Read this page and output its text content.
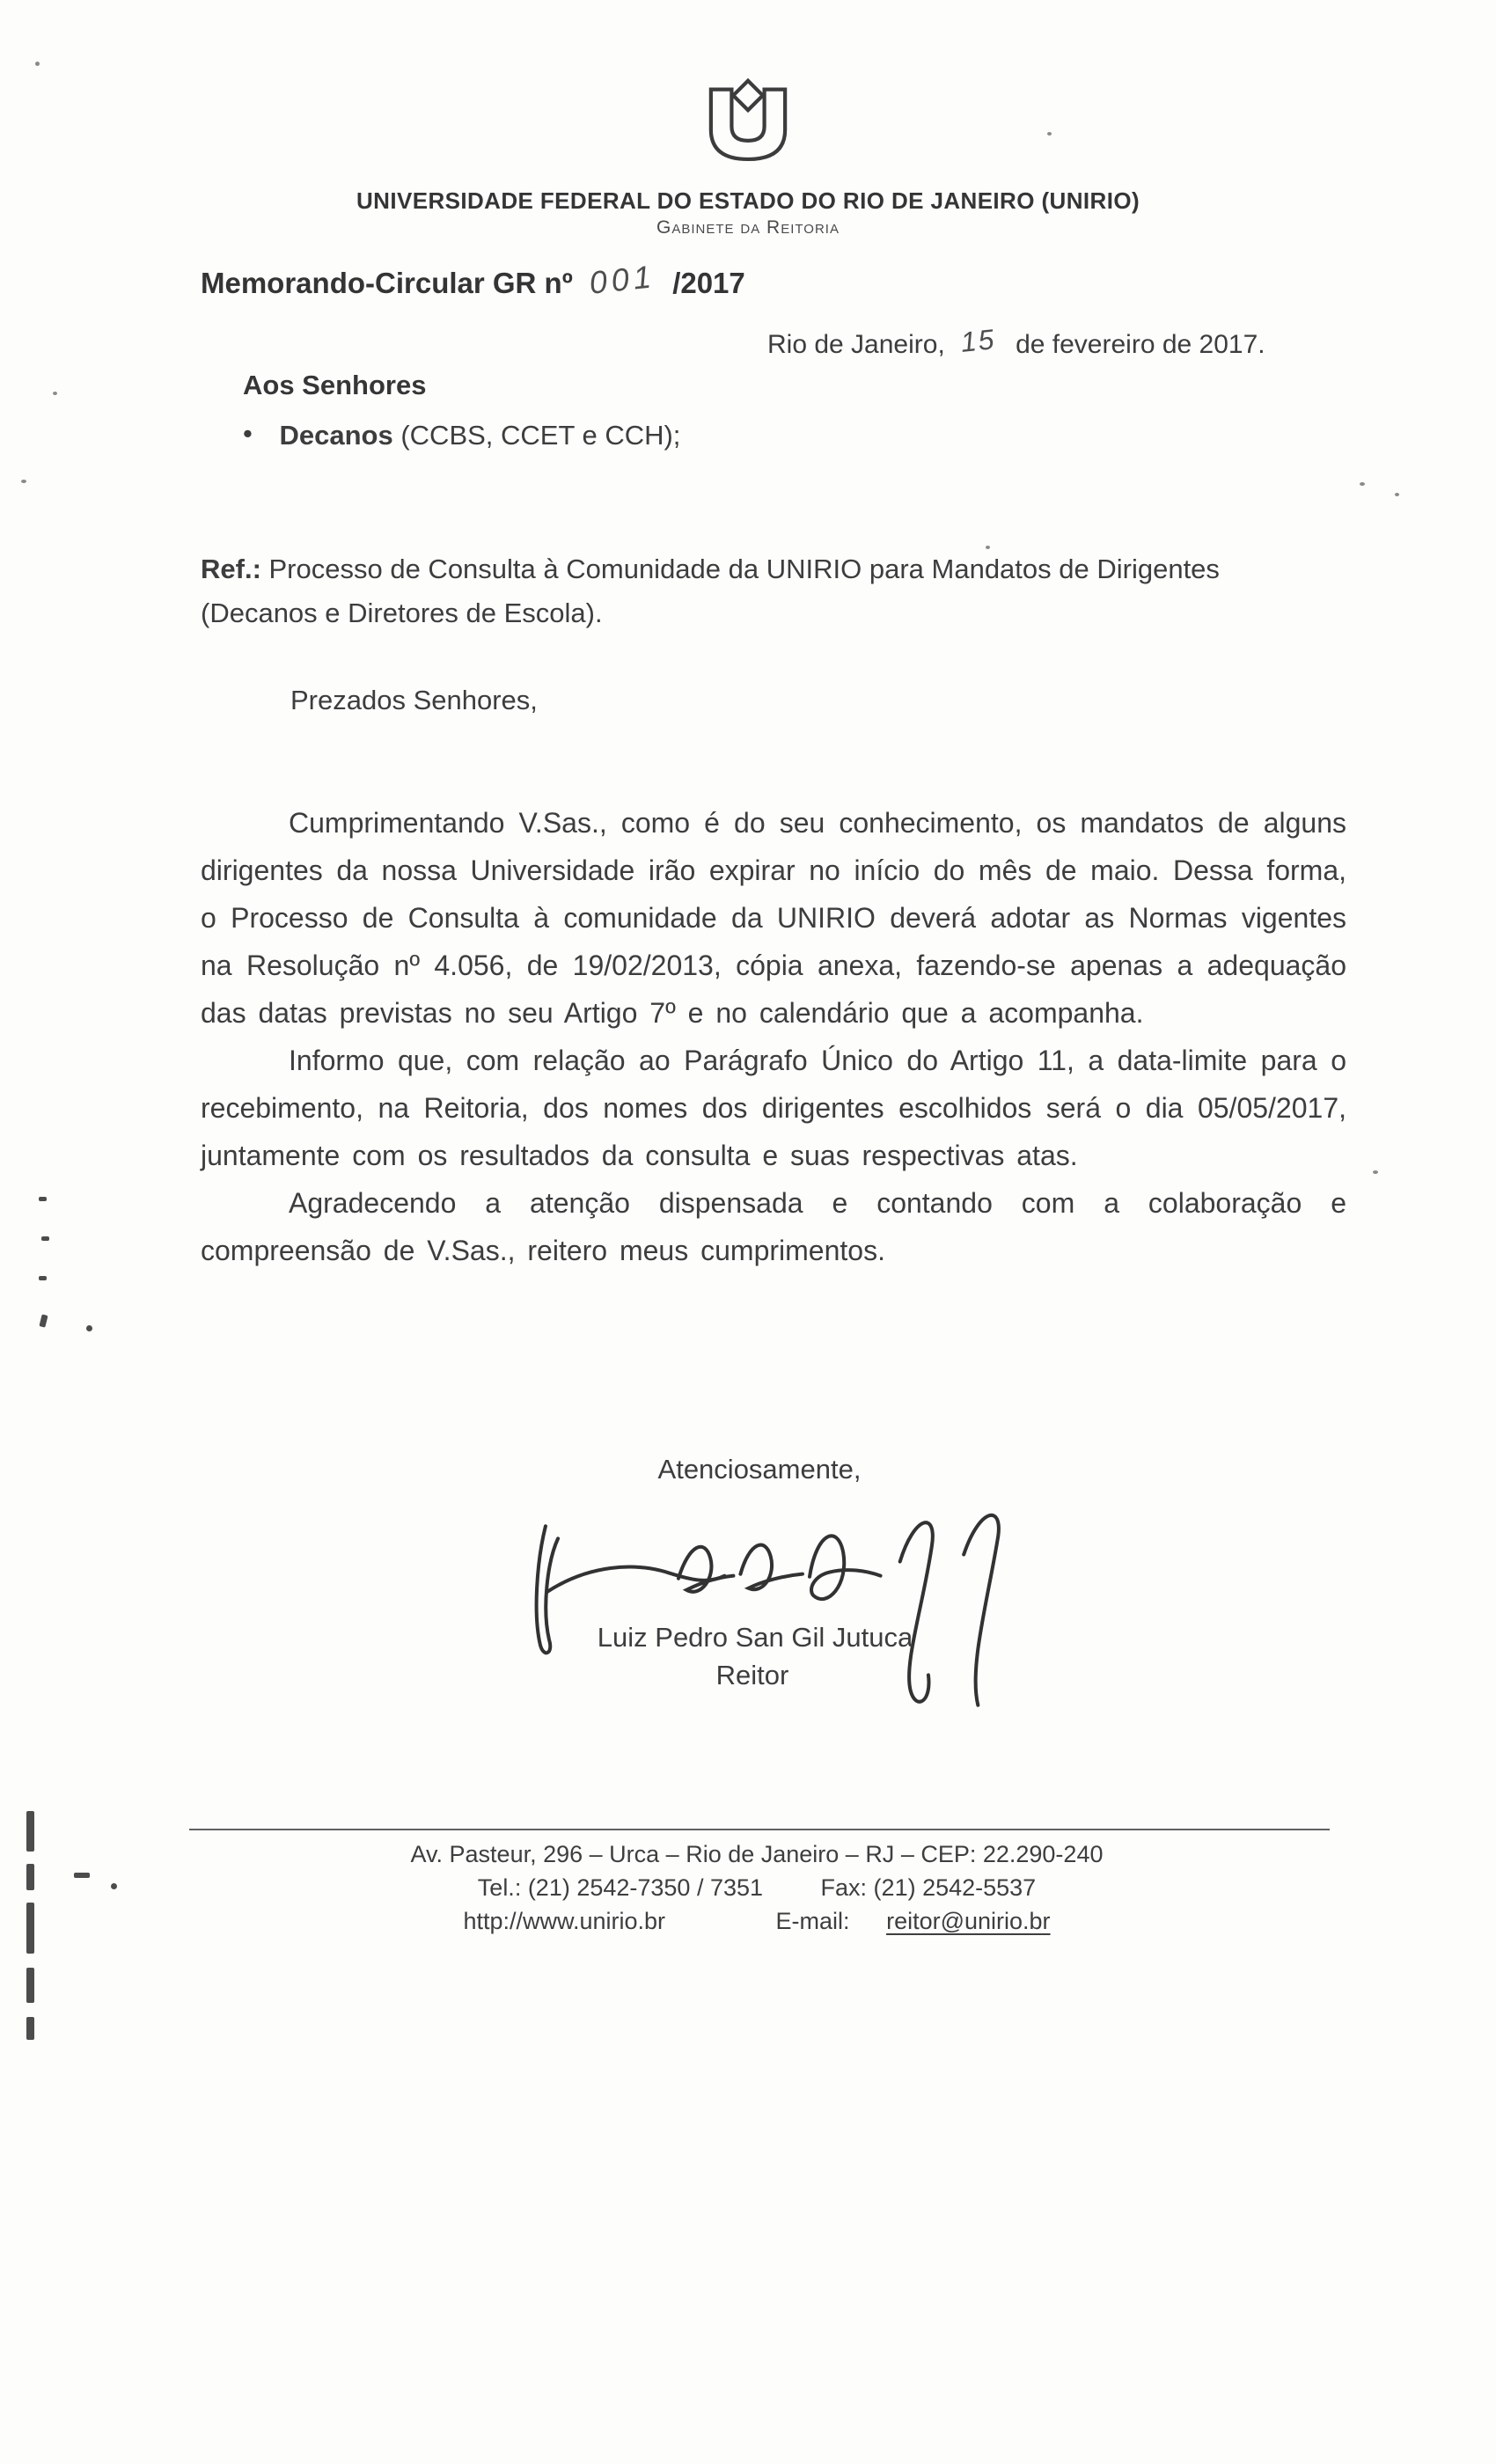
UNIVERSIDADE FEDERAL DO ESTADO DO RIO DE JANEIRO (UNIRIO)
Gabinete da Reitoria
Memorando-Circular GR nº 001 /2017
Rio de Janeiro, 15 de fevereiro de 2017.
Aos Senhores
• Decanos (CCBS, CCET e CCH);
Ref.: Processo de Consulta à Comunidade da UNIRIO para Mandatos de Dirigentes
(Decanos e Diretores de Escola).
Prezados Senhores,

Cumprimentando V.Sas., como é do seu conhecimento, os mandatos de alguns dirigentes da nossa Universidade irão expirar no início do mês de maio. Dessa forma, o Processo de Consulta à comunidade da UNIRIO deverá adotar as Normas vigentes na Resolução nº 4.056, de 19/02/2013, cópia anexa, fazendo-se apenas a adequação das datas previstas no seu Artigo 7º e no calendário que a acompanha.

Informo que, com relação ao Parágrafo Único do Artigo 11, a data-limite para o recebimento, na Reitoria, dos nomes dos dirigentes escolhidos será o dia 05/05/2017, juntamente com os resultados da consulta e suas respectivas atas.

Agradecendo a atenção dispensada e contando com a colaboração e compreensão de V.Sas., reitero meus cumprimentos.

Atenciosamente,
Luiz Pedro San Gil Jutuca
Reitor
Av. Pasteur, 296 – Urca – Rio de Janeiro – RJ – CEP: 22.290-240
Tel.: (21) 2542-7350 / 7351 Fax: (21) 2542-5537
http://www.unirio.br	E-mail: reitor@unirio.br
